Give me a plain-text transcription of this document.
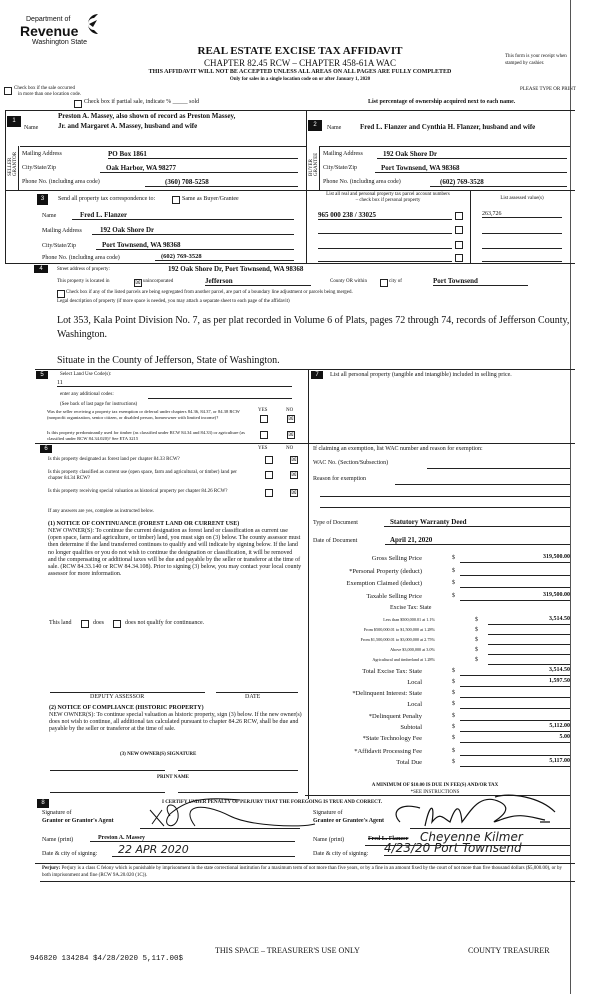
Department of
Revenue
Washington State
REAL ESTATE EXCISE TAX AFFIDAVIT
CHAPTER 82.45 RCW – CHAPTER 458-61A WAC
THIS AFFIDAVIT WILL NOT BE ACCEPTED UNLESS ALL AREAS ON ALL PAGES ARE FULLY COMPLETED
Only for sales in a single location code on or after January 1, 2020
This form is your receipt when
stamped by cashier.
Check box if the sale occurred
in more than one location code.
Check box if partial sale, indicate % _____ sold
PLEASE TYPE OR PRINT
List percentage of ownership acquired next to each name.
1
Name
Preston A. Massey, also shown of record as Preston Massey,
Jr. and Margaret A. Massey, husband and wife
SELLER
GRANTOR Mailing Address	PO Box 1861
City/State/Zip	Oak Harbor, WA 98277
Phone No. (including area code)	(360) 708-5258
2	Name	Fred L. Flanzer and Cynthia H. Flanzer, husband and wife
BUYER
GRANTEE Mailing Address	192 Oak Shore Dr
City/State/Zip	Port Townsend, WA 98368
Phone No. (including area code)	(602) 769-3528
3	Send all property tax correspondence to:	Same as Buyer/Grantee
Name	Fred L. Flanzer
Mailing Address	192 Oak Shore Dr
City/State/Zip	Port Townsend, WA 98368
Phone No. (including area code)	(602) 769-3528
List all real and personal property tax parcel account numbers
– check box if personal property	List assessed value(s)
965 000 238 / 33025	263,726
4	Street address of property:	192 Oak Shore Dr, Port Townsend, WA 98368
This property is located in	☒ unincorporated	Jefferson	County OR within	city of	Port Townsend
Check box if any of the listed parcels are being segregated from another parcel, are part of a boundary line adjustment or parcels being merged.
Legal description of property (if more space is needed, you may attach a separate sheet to each page of the affidavit)
Lot 353, Kala Point Division No. 7, as per plat recorded in Volume 6 of Plats, pages 72 through 74, records of Jefferson County,
Washington.
Situate in the County of Jefferson, State of Washington.
5	Select Land Use Code(s):
11
enter any additional codes:
(See back of last page for instructions)
YES	NO
Was the seller receiving a property tax exemption or deferral under chapters 84.36, 84.37, or 84.38 RCW (nonprofit organization, senior citizen, or disabled person, homeowner with limited income)?	☒
Is this property predominantly used for timber (as classified under RCW 84.34 and 84.33) or agriculture (as classified under RCW 84.34.020)? See ETA 3215	☒
7	List all personal property (tangible and intangible) included in selling price.
6	YES	NO
Is this property designated as forest land per chapter 84.33 RCW?	☒
Is this property classified as current use (open space, farm and agricultural, or timber) land per chapter 84.34 RCW?
☒
Is this property receiving special valuation as historical property per chapter 84.26 RCW?	☒
If any answers are yes, complete as instructed below.
(1) NOTICE OF CONTINUANCE (FOREST LAND OR CURRENT USE)
NEW OWNER(S): To continue the current designation as forest land or classification as current use (open space, farm and agriculture, or timber) land, you must sign on (3) below. The county assessor must then determine if the land transferred continues to qualify and will indicate by signing below. If the land no longer qualifies or you do not wish to continue the designation or classification, it will be removed and the compensating or additional taxes will be due and payable by the seller or transferor at the time of sale. (RCW 84.33.140 or RCW 84.34.108). Prior to signing (3) below, you may contact your local county assessor for more information.
This land	does	does not qualify for continuance.
DEPUTY ASSESSOR	DATE
(2) NOTICE OF COMPLIANCE (HISTORIC PROPERTY)
NEW OWNER(S): To continue special valuation as historic property, sign (3) below. If the new owner(s) does not wish to continue, all additional tax calculated pursuant to chapter 84.26 RCW, shall be due and payable by the seller or transferor at the time of sale.
(3) NEW OWNER(S) SIGNATURE
PRINT NAME
If claiming an exemption, list WAC number and reason for exemption:
WAC No. (Section/Subsection)
Reason for exemption
Type of Document	Statutory Warranty Deed
Date of Document	April 21, 2020
Gross Selling Price	$	319,500.00
*Personal Property (deduct)	$
Exemption Claimed (deduct)	$
Taxable Selling Price	$	319,500.00
Less than $500,000.01 at 1.1%	$	3,514.50
From $500,000.01 to $1,500,000 at 1.28%	$
From $1,500,000.01 to $3,000,000 at 2.75%	$
Above $3,000,000 at 3.0%	$
Agricultural and timberland at 1.28%	$
Total Excise Tax: State	$	3,514.50
Local	$	1,597.50
*Delinquent Interest: State	$
Local	$
*Delinquent Penalty	$
Subtotal	$	5,112.00
*State Technology Fee	$	5.00
*Affidavit Processing Fee	$
Total Due	$	5,117.00
Excise Tax: State
A MINIMUM OF $10.00 IS DUE IN FEE(S) AND/OR TAX
*SEE INSTRUCTIONS
8	I CERTIFY UNDER PENALTY OF PERJURY THAT THE FOREGOING IS TRUE AND CORRECT.
Signature of
Grantor or Grantor's Agent
Signature of
Grantee or Grantee's Agent
Name (print)	Preston A. Massey	Name (print)	Fred L. Flanzer Cheyenne Kilmer
Date & city of signing:	22 APR 2020	Date & city of signing: 4/23/20 Port Townsend
Perjury: Perjury is a class C felony which is punishable by imprisonment in the state correctional institution for a maximum term of not more than five years, or by a fine in an amount fixed by the court of not more than five thousand dollars ($5,000.00), or by both imprisonment and fine (RCW 9A.20.020 (1C)).
THIS SPACE – TREASURER'S USE ONLY	COUNTY TREASURER
946820 134284 $4/28/2020 5,117.00$
